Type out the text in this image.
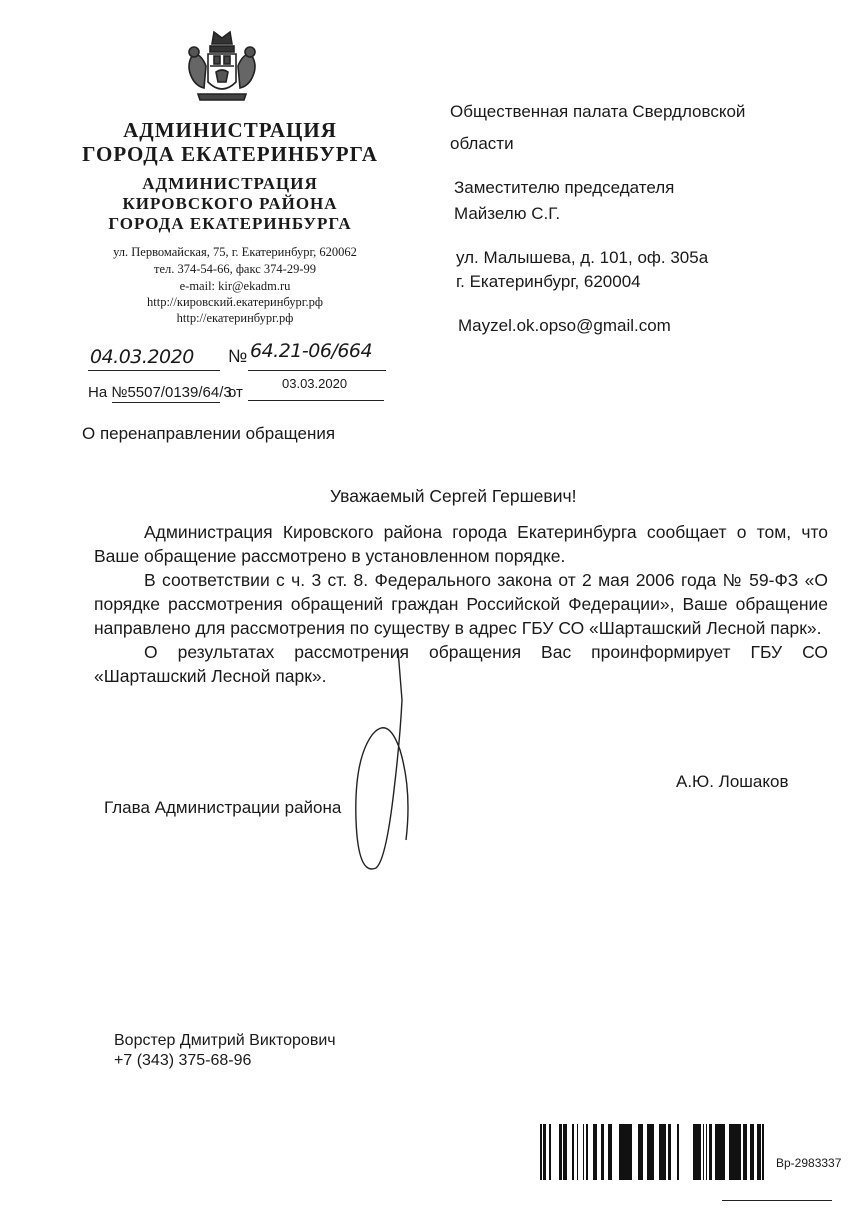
АДМИНИСТРАЦИЯ
ГОРОДА ЕКАТЕРИНБУРГА
АДМИНИСТРАЦИЯ
КИРОВСКОГО РАЙОНА
ГОРОДА ЕКАТЕРИНБУРГА
ул. Первомайская, 75, г. Екатеринбург, 620062
тел. 374-54-66, факс 374-29-99
e-mail: kir@ekadm.ru
http://кировский.екатеринбург.рф
http://екатеринбург.рф
04.03.2020 № 64.21-06/664
На №5507/0139/64/3
от
03.03.2020
Общественная палата Свердловской
области
Заместителю председателя
Майзелю С.Г.
ул. Малышева, д. 101, оф. 305а
г. Екатеринбург, 620004
Mayzel.ok.opso@gmail.com
О перенаправлении обращения
Уважаемый Сергей Гершевич!

Администрация Кировского района города Екатеринбурга сообщает о том, что Ваше обращение рассмотрено в установленном порядке.

В соответствии с ч. 3 ст. 8. Федерального закона от 2 мая 2006 года № 59-ФЗ «О порядке рассмотрения обращений граждан Российской Федерации», Ваше обращение направлено для рассмотрения по существу в адрес ГБУ СО «Шарташский Лесной парк».

О результатах рассмотрения обращения Вас проинформирует ГБУ СО «Шарташский Лесной парк».

Глава Администрации района
А.Ю. Лошаков
Ворстер Дмитрий Викторович
+7 (343) 375-68-96
Вр-2983337
